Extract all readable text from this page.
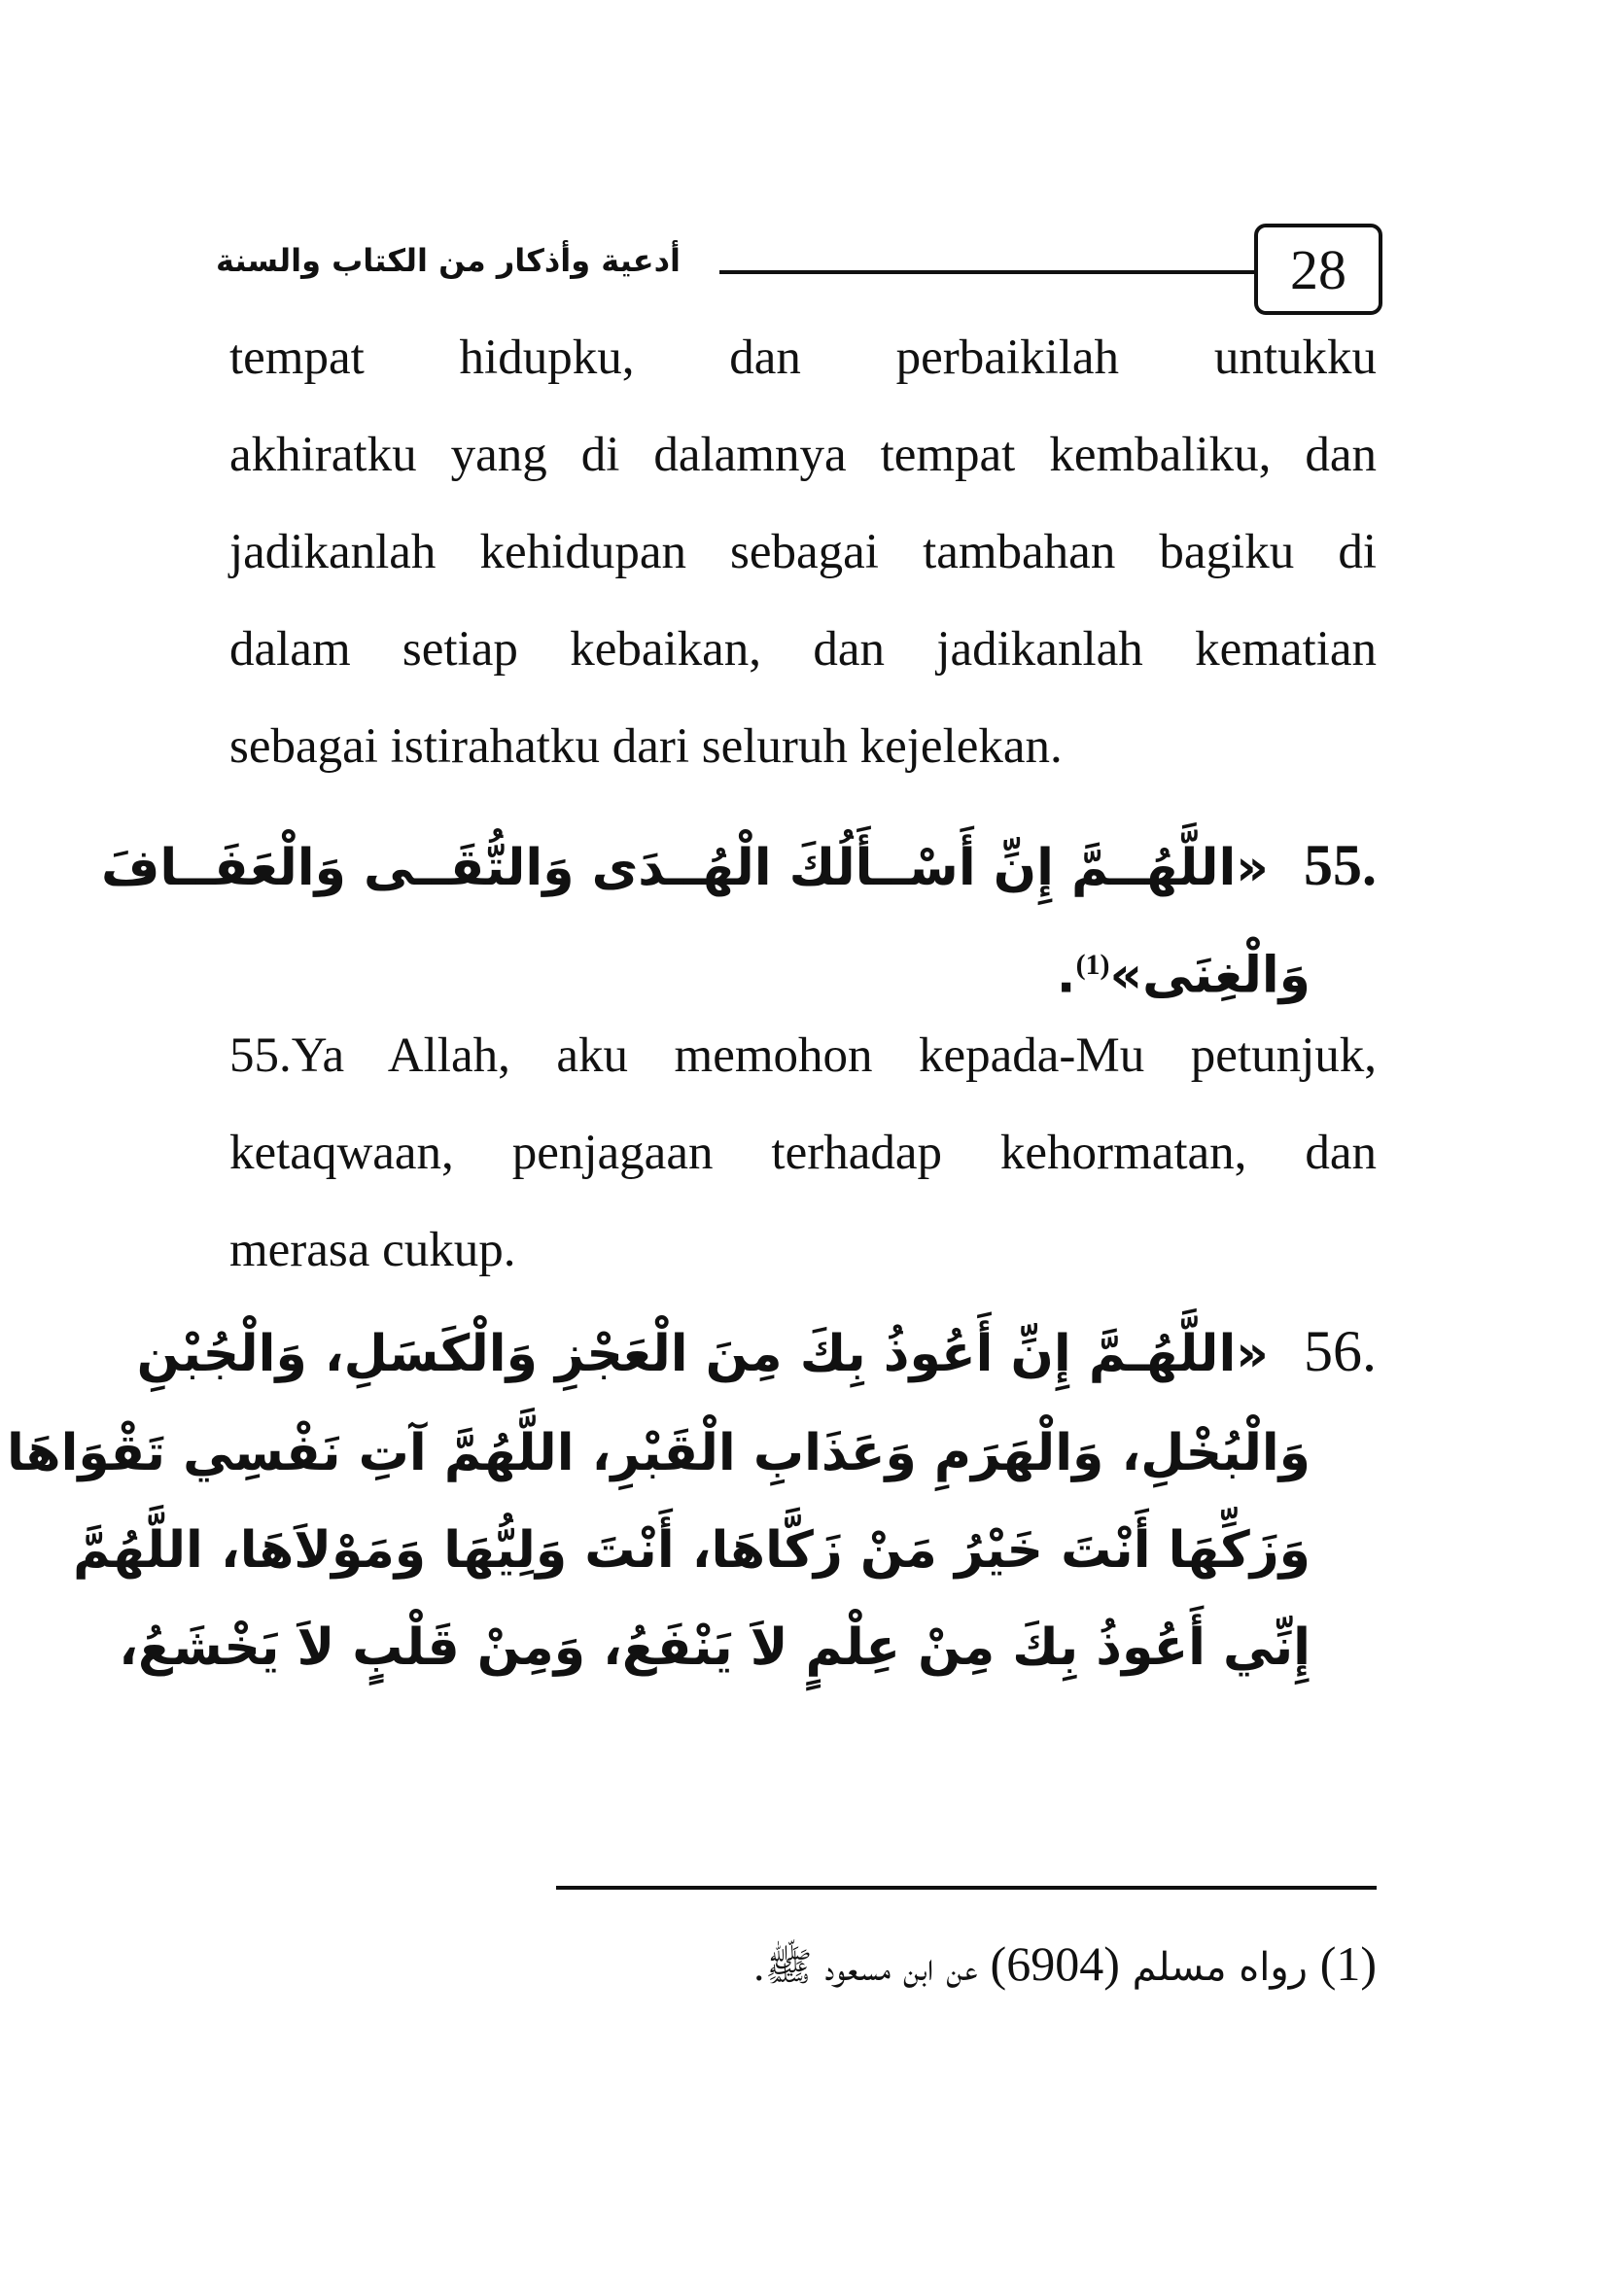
أدعية وأذكار من الكتاب والسنة	28
tempat hidupku, dan perbaikilah untukku
akhiratku yang di dalamnya tempat kembaliku, dan
jadikanlah kehidupan sebagai tambahan bagiku di
dalam setiap kebaikan, dan jadikanlah kematian
sebagai istirahatku dari seluruh kejelekan.
55. «اللَّهُــمَّ إِنِّ أَسْــأَلُكَ الْهُــدَى وَالتُّقَــى وَالْعَفَــافَ
وَالْغِنَى»$^{(1)}$.
55.Ya Allah, aku memohon kepada-Mu petunjuk,
ketaqwaan, penjagaan terhadap kehormatan, dan
merasa cukup.
56. «اللَّهُـمَّ إِنِّ أَعُوذُ بِكَ مِنَ الْعَجْزِ وَالْكَسَلِ، وَالْجُبْنِ
وَالْبُخْلِ، وَالْهَرَمِ وَعَذَابِ الْقَبْرِ، اللَّهُمَّ آتِ نَفْسِي تَقْوَاهَا
وَزَكِّهَا أَنْتَ خَيْرُ مَنْ زَكَّاهَا، أَنْتَ وَلِيُّهَا وَمَوْلاَهَا، اللَّهُمَّ
إِنِّي أَعُوذُ بِكَ مِنْ عِلْمٍ لاَ يَنْفَعُ، وَمِنْ قَلْبٍ لاَ يَخْشَعُ،
(1) رواه مسلم (6904) عن ابن مسعود ﷺ.
